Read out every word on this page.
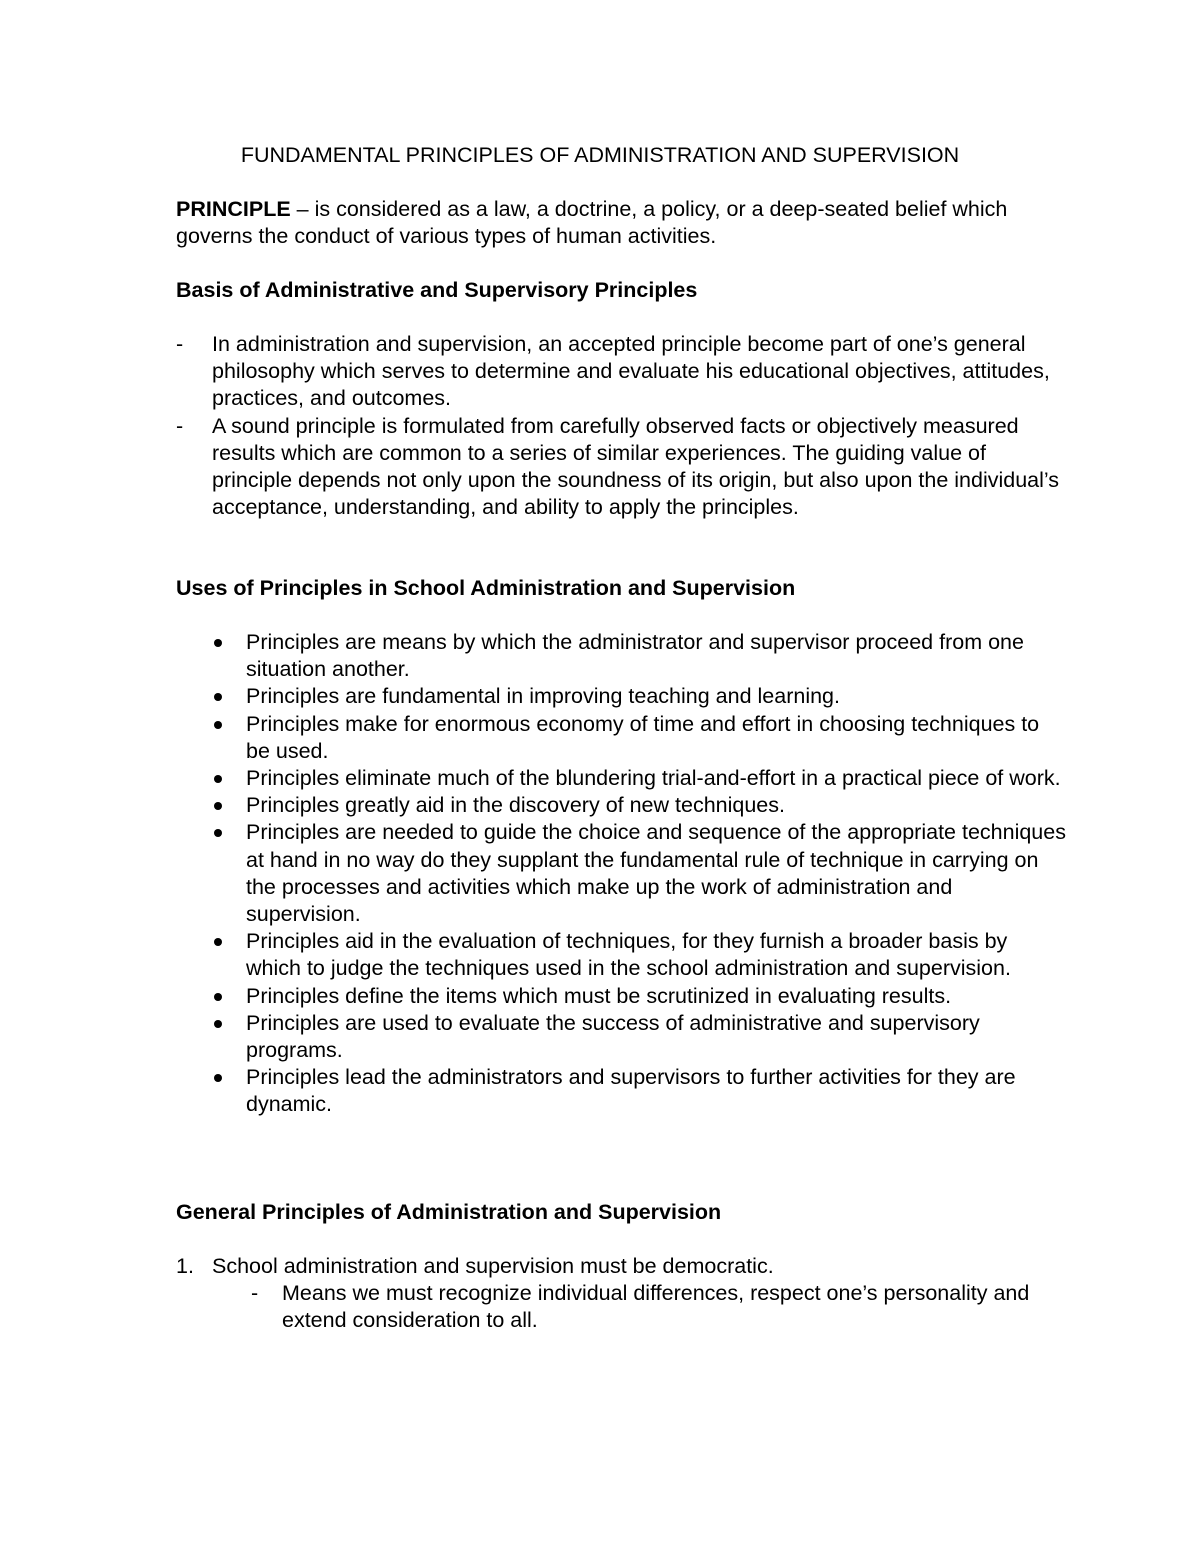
FUNDAMENTAL PRINCIPLES OF ADMINISTRATION AND SUPERVISION

PRINCIPLE – is considered as a law, a doctrine, a policy, or a deep-seated belief which governs the conduct of various types of human activities.

Basis of Administrative and Supervisory Principles
- In administration and supervision, an accepted principle become part of one’s general philosophy which serves to determine and evaluate his educational objectives, attitudes, practices, and outcomes.
- A sound principle is formulated from carefully observed facts or objectively measured results which are common to a series of similar experiences. The guiding value of principle depends not only upon the soundness of its origin, but also upon the individual’s acceptance, understanding, and ability to apply the principles.
Uses of Principles in School Administration and Supervision
Principles are means by which the administrator and supervisor proceed from one situation another.
Principles are fundamental in improving teaching and learning.
Principles make for enormous economy of time and effort in choosing techniques to be used.
Principles eliminate much of the blundering trial-and-effort in a practical piece of work.
Principles greatly aid in the discovery of new techniques.
Principles are needed to guide the choice and sequence of the appropriate techniques at hand in no way do they supplant the fundamental rule of technique in carrying on the processes and activities which make up the work of administration and supervision.
Principles aid in the evaluation of techniques, for they furnish a broader basis by which to judge the techniques used in the school administration and supervision.
Principles define the items which must be scrutinized in evaluating results.
Principles are used to evaluate the success of administrative and supervisory programs.
Principles lead the administrators and supervisors to further activities for they are dynamic.
General Principles of Administration and Supervision
1. School administration and supervision must be democratic.
- Means we must recognize individual differences, respect one’s personality and extend consideration to all.
